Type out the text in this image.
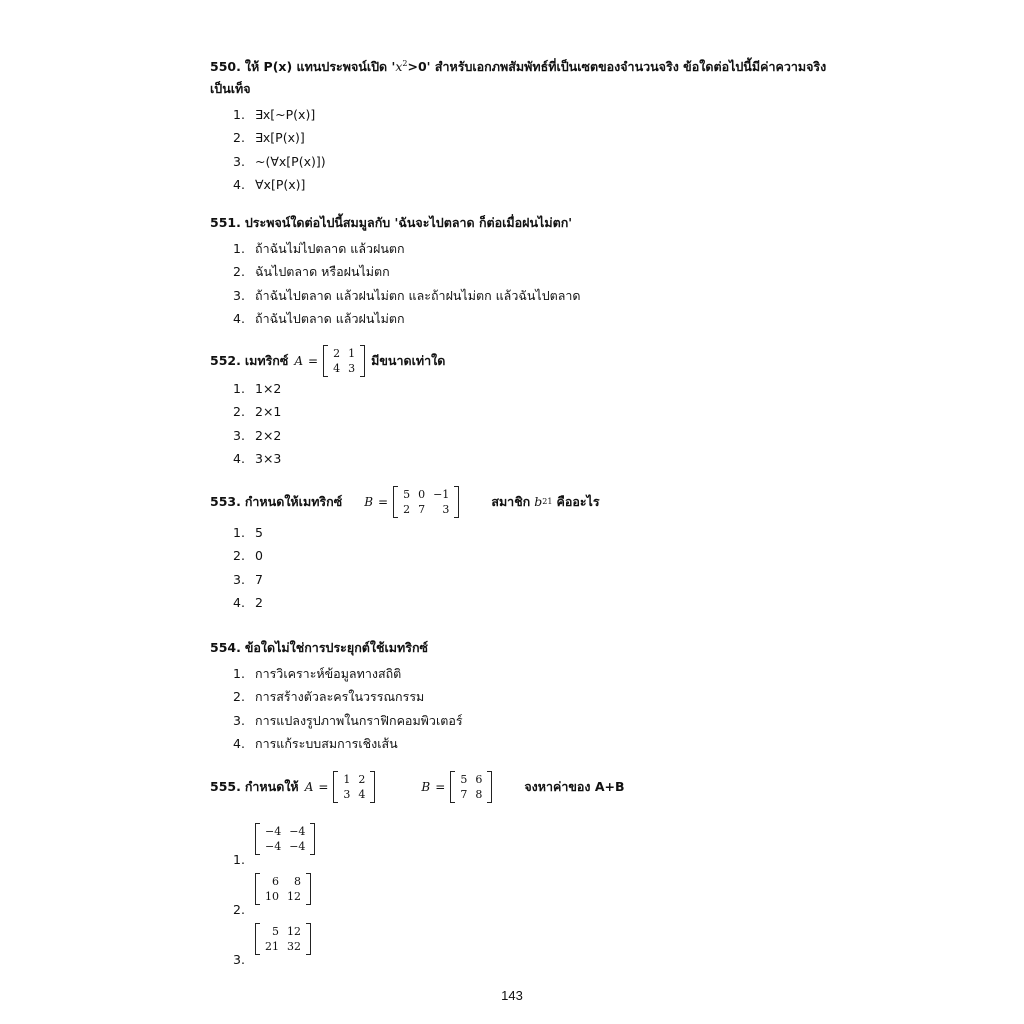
550. ให้ P(x) แทนประพจน์เปิด '$x^2>0$' สำหรับเอกภพสัมพัทธ์ที่เป็นเซตของจำนวนจริง ข้อใดต่อไปนี้มีค่าความจริงเป็นเท็จ

1. ∃x[~P(x)]
2. ∃x[P(x)]
3. ~(∀x[P(x)])
4. ∀x[P(x)]

551. ประพจน์ใดต่อไปนี้สมมูลกับ 'ฉันจะไปตลาด ก็ต่อเมื่อฝนไม่ตก'

1. ถ้าฉันไม่ไปตลาด แล้วฝนตก
2. ฉันไปตลาด หรือฝนไม่ตก
3. ถ้าฉันไปตลาด แล้วฝนไม่ตก และถ้าฝนไม่ตก แล้วฉันไปตลาด
4. ถ้าฉันไปตลาด แล้วฝนไม่ตก

552. เมทริกซ์ A =
2 1
4 3
มีขนาดเท่าใด

1. 1×2
2. 2×1
3. 2×2
4. 3×3

553. กำหนดให้เมทริกซ์ B =
5 0 −1
2 7	3
สมาชิก b 21 คืออะไร

1. 5
2. 0
3. 7
4. 2

554. ข้อใดไม่ใช่การประยุกต์ใช้เมทริกซ์

1. การวิเคราะห์ข้อมูลทางสถิติ
2. การสร้างตัวละครในวรรณกรรม
3. การแปลงรูปภาพในกราฟิกคอมพิวเตอร์
4. การแก้ระบบสมการเชิงเส้น

555. กำหนดให้ A =
1 2
3 4
B =
5 6
7 8
จงหาค่าของ A+B

1.
−4 −4
−4 −4
2.
6	8
10 12
3.
5 12
21 32
143
